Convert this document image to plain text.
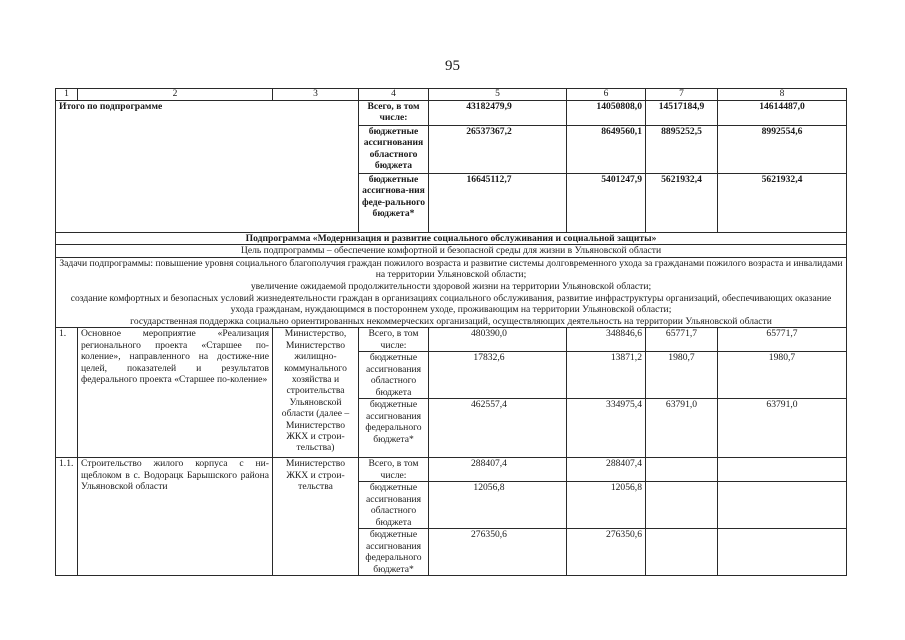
95
1	2	3	4	5	6	7	8
Итого по подпрограмме			Всего, в том числе:	43182479,9	14050808,0	14517184,9	14614487,0
			бюджетные ассигнования областного бюджета	26537367,2	8649560,1	8895252,5	8992554,6
			бюджетные ассигнова-ния феде-рального бюджета*	16645112,7	5401247,9	5621932,4	5621932,4
Подпрограмма «Модернизация и развитие социального обслуживания и социальной защиты»							
Цель подпрограммы – обеспечение комфортной и безопасной среды для жизни в Ульяновской области							

Задачи подпрограммы: повышение уровня социального благополучия граждан пожилого возраста и развитие системы долговременного ухода за гражданами пожилого возраста и инвалидами на территории Ульяновской области;
увеличение ожидаемой продолжительности здоровой жизни на территории Ульяновской области;
создание комфортных и безопасных условий жизнедеятельности граждан в организациях социального обслуживания, развитие инфраструктуры организаций, обеспечивающих оказание ухода гражданам, нуждающимся в постороннем уходе, проживающим на территории Ульяновской области;
государственная поддержка социально ориентированных некоммерческих организаций, осуществляющих деятельность на территории Ульяновской области							

1.	Основное мероприятие «Реализация регионального проекта «Старшее по-коление», направленного на достиже-ние целей, показателей и результатов федерального проекта «Старшее по-коление»	Министерство, Министерство жилищно-коммунального хозяйства и строительства Ульяновской области (далее – Министерство ЖКХ и строи-тельства)	Всего, в том числе:	480390,0	348846,6	65771,7	65771,7
			бюджетные ассигнования областного бюджета	17832,6	13871,2	1980,7	1980,7
			бюджетные ассигнования федерального бюджета*	462557,4	334975,4	63791,0	63791,0
1.1.	Строительство жилого корпуса с ни-щеблоком в с. Водорацк Барышского района Ульяновской области	Министерство ЖКХ и строи-тельства	Всего, в том числе:	288407,4	288407,4		
			бюджетные ассигнования областного бюджета	12056,8	12056,8		
			бюджетные ассигнования федерального бюджета*	276350,6	276350,6		
